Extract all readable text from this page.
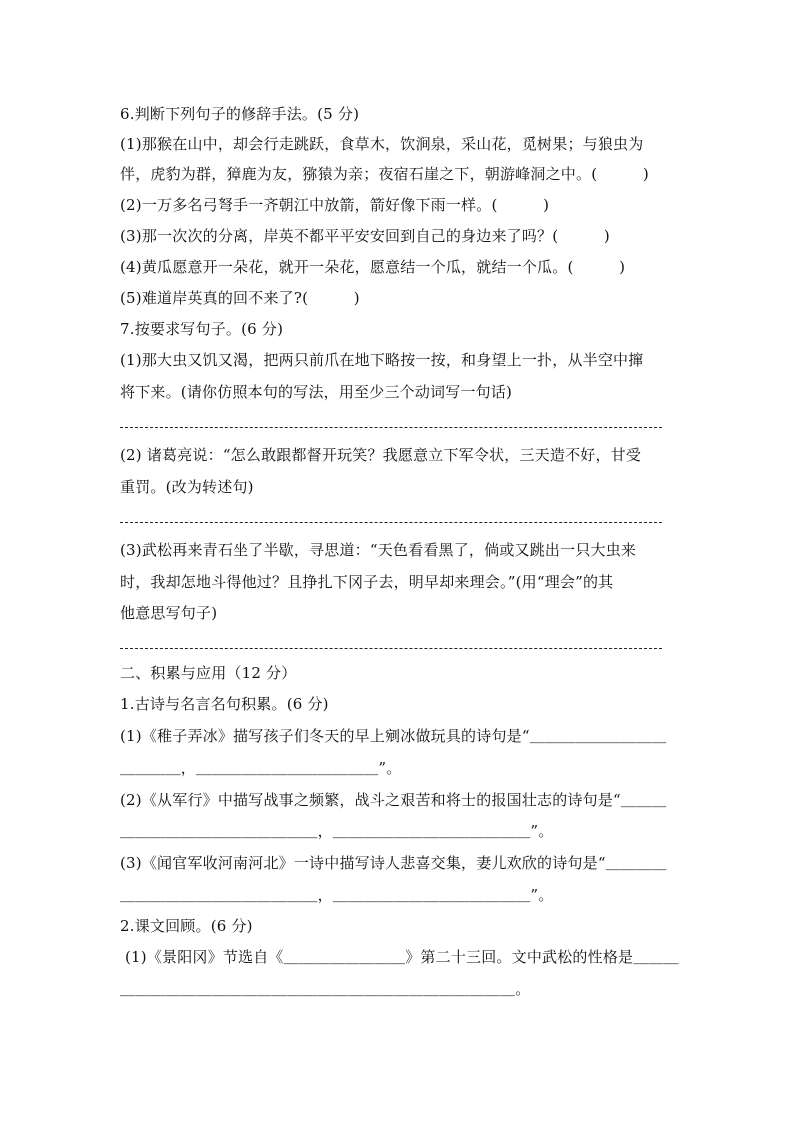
6.判断下列句子的修辞手法。(5 分)
(1)那猴在山中，却会行走跳跃，食草木，饮涧泉，采山花，觅树果；与狼虫为
伴，虎豹为群，獐鹿为友，猕猿为亲；夜宿石崖之下，朝游峰洞之中。(　　　)
(2)一万多名弓弩手一齐朝江中放箭，箭好像下雨一样。(　　　)
(3)那一次次的分离，岸英不都平平安安回到自己的身边来了吗？(　　　)
(4)黄瓜愿意开一朵花，就开一朵花，愿意结一个瓜，就结一个瓜。(　　　)
(5)难道岸英真的回不来了?(　　　)
7.按要求写句子。(6 分)
(1)那大虫又饥又渴，把两只前爪在地下略按一按，和身望上一扑，从半空中撺
将下来。(请你仿照本句的写法，用至少三个动词写一句话)
(2) 诸葛亮说：“怎么敢跟都督开玩笑？我愿意立下军令状，三天造不好，甘受
重罚。(改为转述句)
(3)武松再来青石坐了半歇，寻思道：“天色看看黑了，倘或又跳出一只大虫来
时，我却怎地斗得他过？且挣扎下冈子去，明早却来理会。”(用“理会”的其
他意思写句子)
二、积累与应用（12 分）
1.古诗与名言名句积累。(6 分)
(1)《稚子弄冰》描写孩子们冬天的早上剜冰做玩具的诗句是“＿＿＿＿＿＿＿＿＿
＿＿＿＿，＿＿＿＿＿＿＿＿＿＿＿＿”。
(2)《从军行》中描写战事之频繁，战斗之艰苦和将士的报国壮志的诗句是“＿＿＿
＿＿＿＿＿＿＿＿＿＿＿＿＿，＿＿＿＿＿＿＿＿＿＿＿＿＿”。
(3)《闻官军收河南河北》一诗中描写诗人悲喜交集，妻儿欢欣的诗句是“＿＿＿＿
＿＿＿＿＿＿＿＿＿＿＿＿＿，＿＿＿＿＿＿＿＿＿＿＿＿＿”。
2.课文回顾。(6 分)
(1)《景阳冈》节选自《＿＿＿＿＿＿＿＿》第二十三回。文中武松的性格是＿＿＿
＿＿＿＿＿＿＿＿＿＿＿＿＿＿＿＿＿＿＿＿＿＿＿＿＿＿。
